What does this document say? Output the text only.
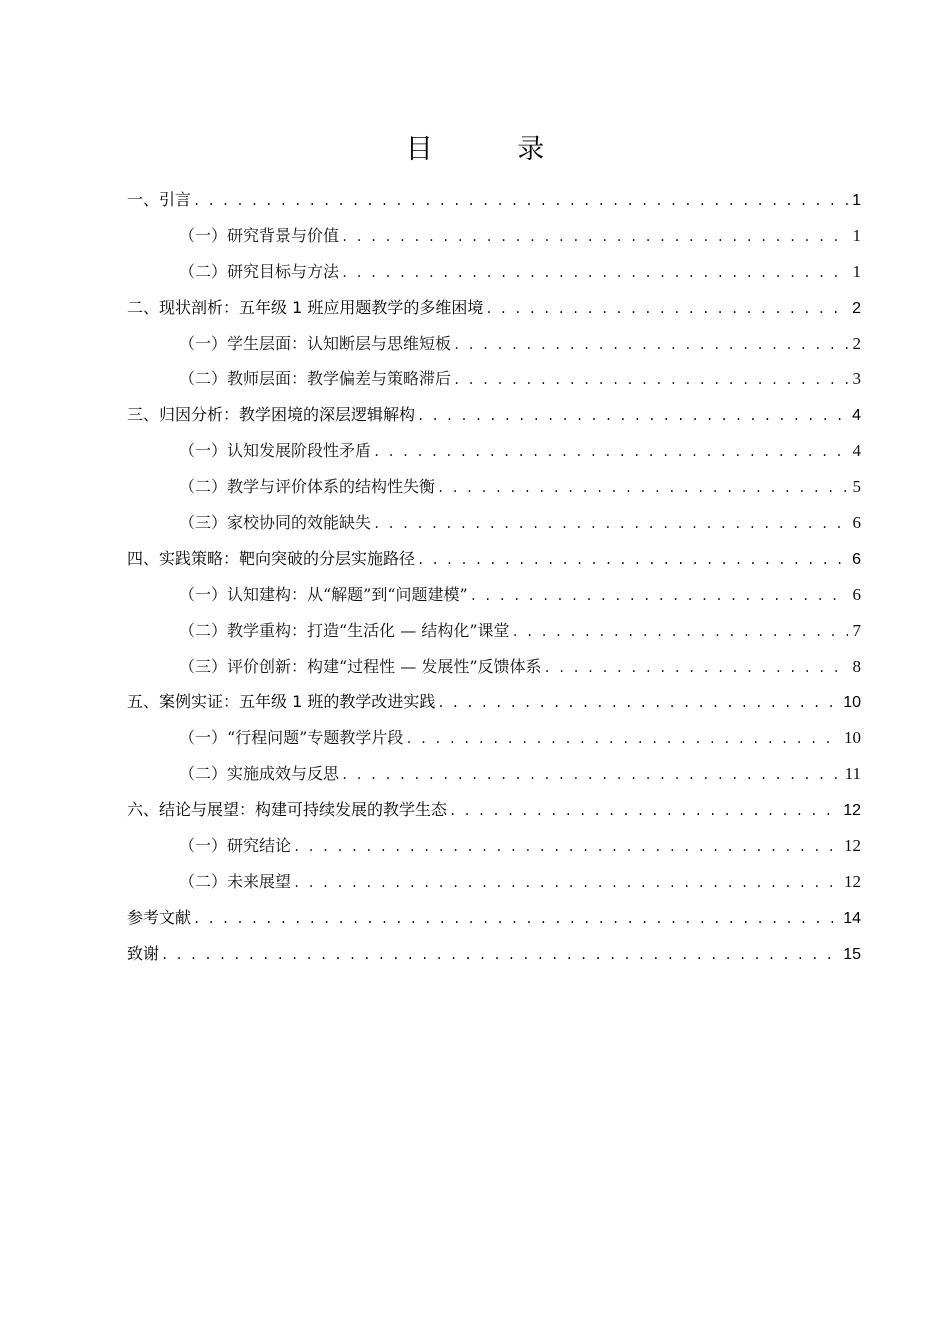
目 录
一、引言 . . .	1
（一）研究背景与价值 . . .	1
（二）研究目标与方法 . . .	1
二、现状剖析：五年级 1 班应用题教学的多维困境 . . .	2
（一）学生层面：认知断层与思维短板 . . .	2
（二）教师层面：教学偏差与策略滞后 . . .	3
三、归因分析：教学困境的深层逻辑解构 . . .	4
（一）认知发展阶段性矛盾 . . .	4
（二）教学与评价体系的结构性失衡 . . .	5
（三）家校协同的效能缺失 . . .	6
四、实践策略：靶向突破的分层实施路径 . . .	6
（一）认知建构：从“解题”到“问题建模” . . .	6
（二）教学重构：打造“生活化 — 结构化”课堂 . . .	7
（三）评价创新：构建“过程性 — 发展性”反馈体系 . . .	8
五、案例实证：五年级 1 班的教学改进实践 . . .	10
（一）“行程问题”专题教学片段 . . .	10
（二）实施成效与反思 . . .	11
六、结论与展望：构建可持续发展的教学生态 . . .	12
（一）研究结论 . . .	12
（二）未来展望 . . .	12
参考文献 . . .	14
致谢 . . .	15
